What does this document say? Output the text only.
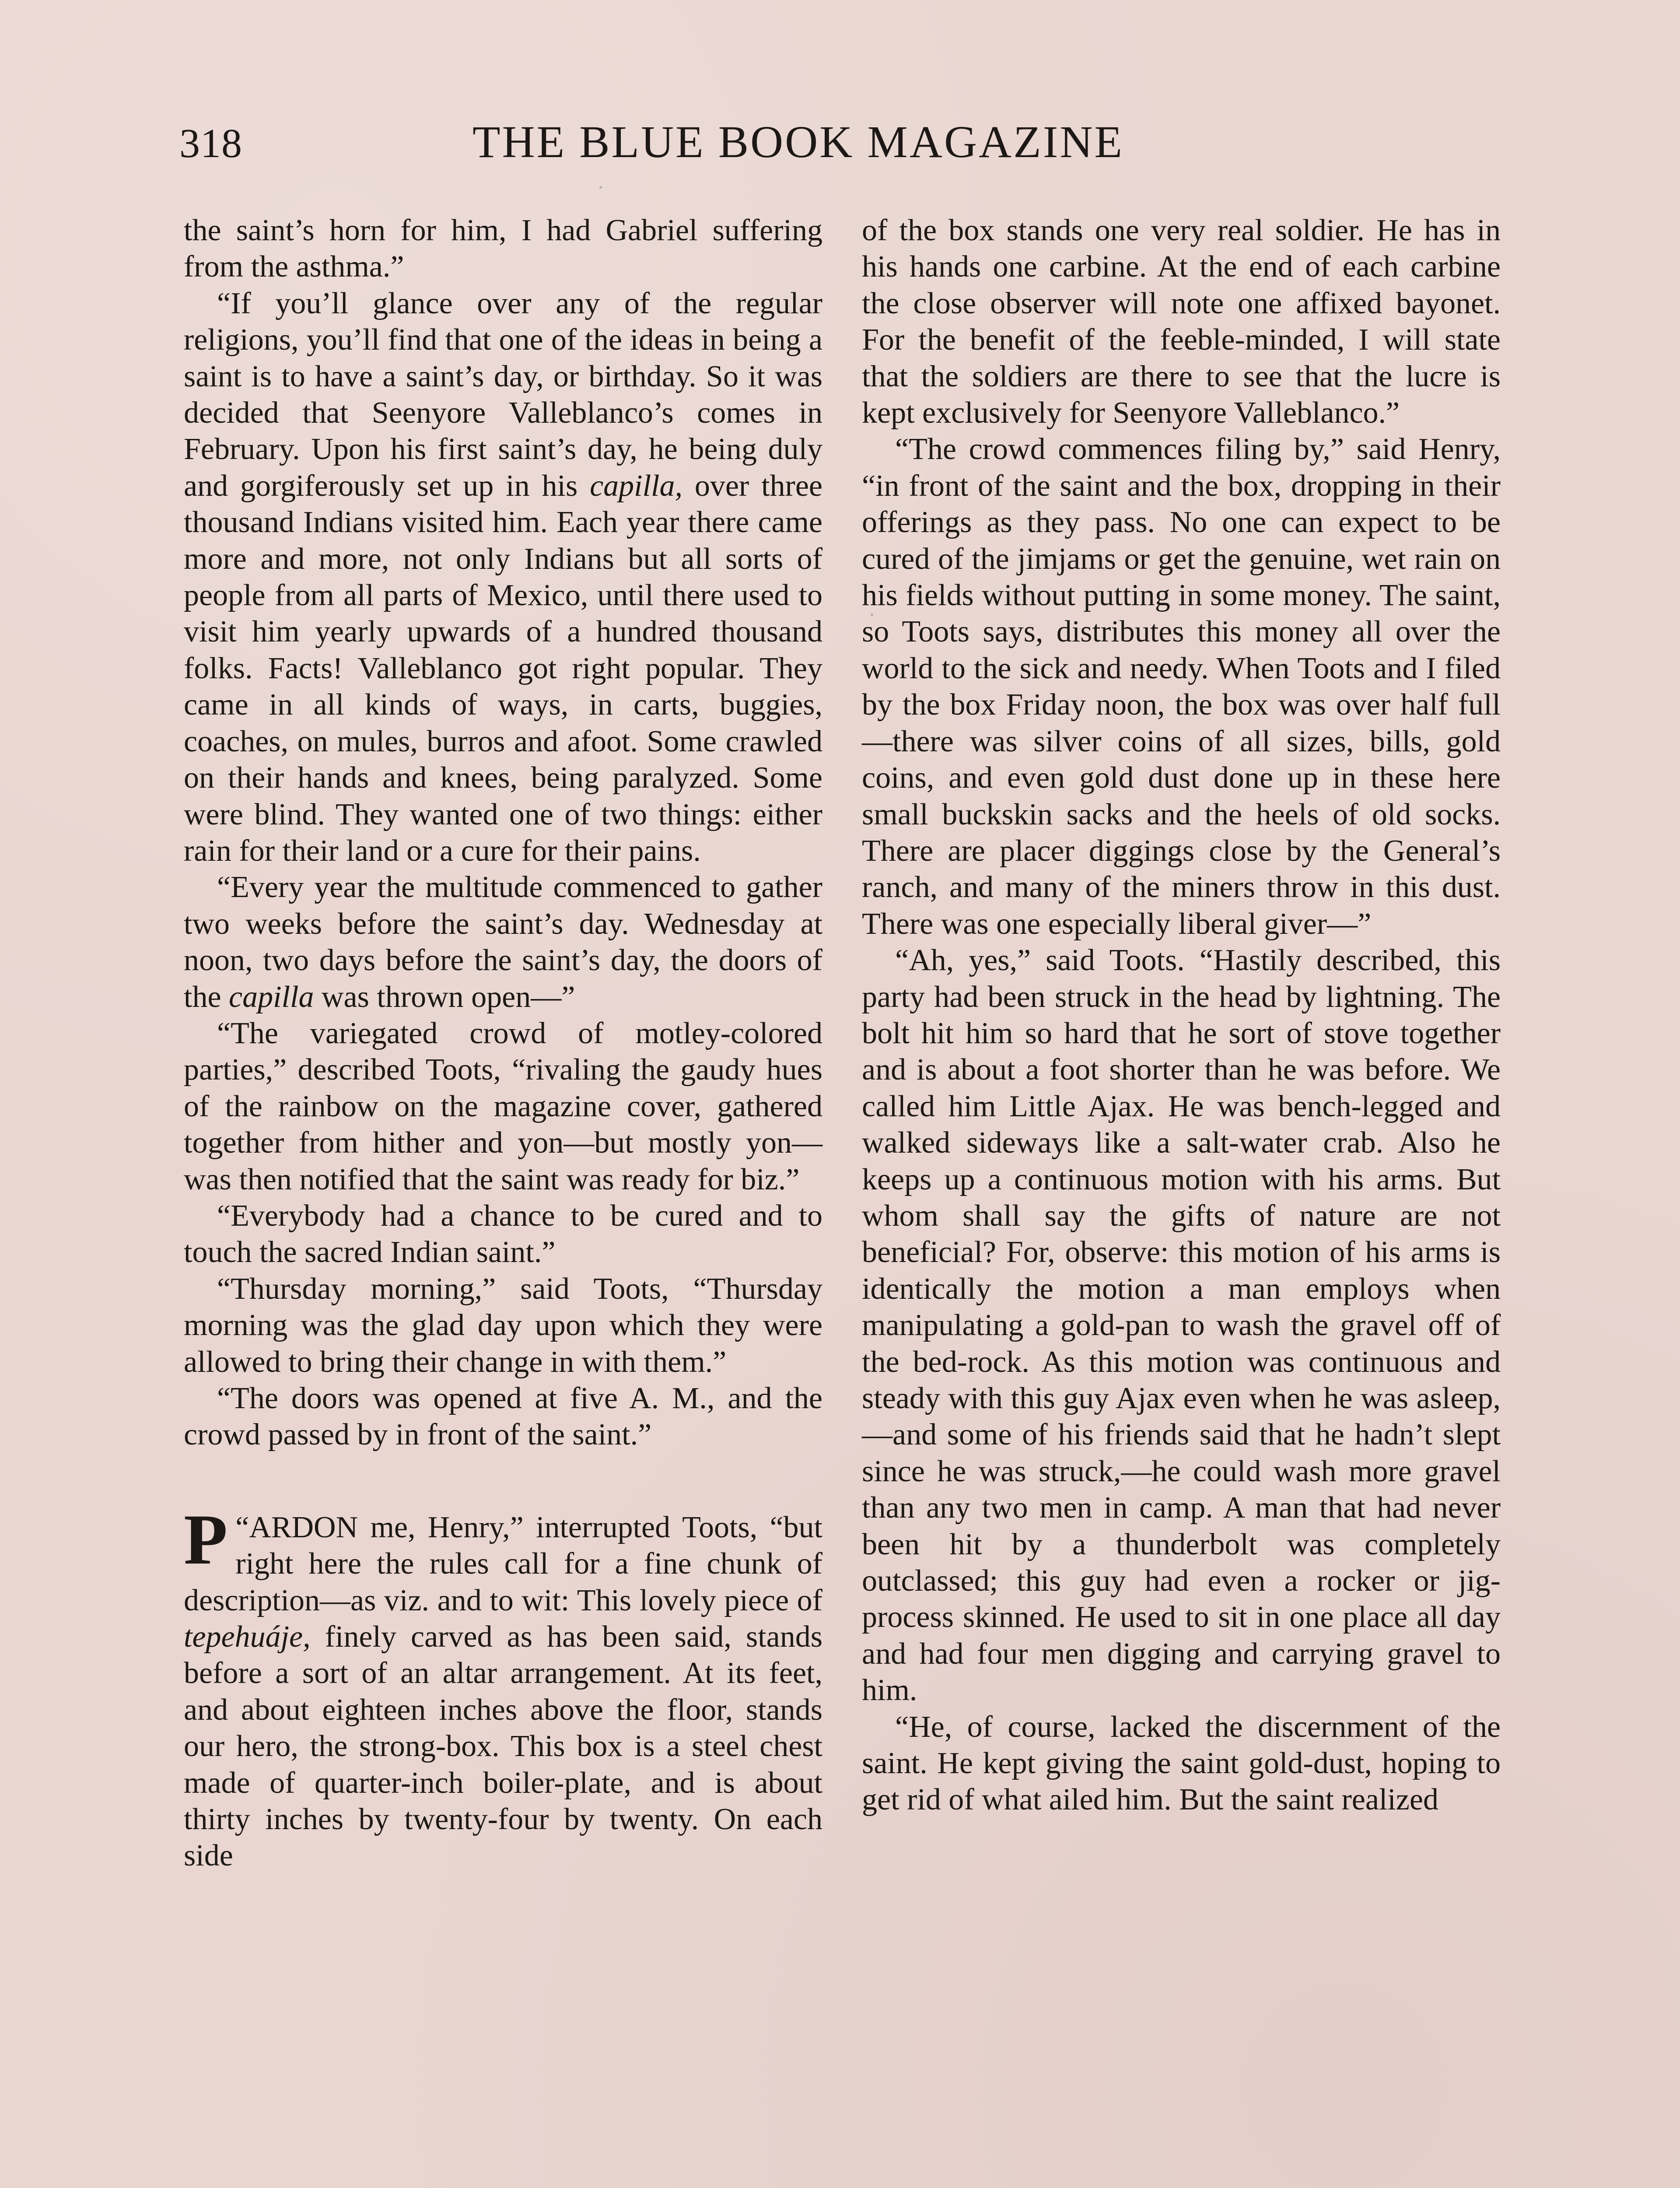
318	THE BLUE BOOK MAGAZINE

the saint’s horn for him, I had Gabriel suffering from the asthma.”

“If you’ll glance over any of the regular religions, you’ll find that one of the ideas in being a saint is to have a saint’s day, or birthday. So it was decided that Seenyore Valleblanco’s comes in February. Upon his first saint’s day, he being duly and gorgiferously set up in his capilla, over three thousand Indians visited him. Each year there came more and more, not only Indians but all sorts of people from all parts of Mexico, until there used to visit him yearly upwards of a hundred thousand folks. Facts! Valleblanco got right popular. They came in all kinds of ways, in carts, buggies, coaches, on mules, burros and afoot. Some crawled on their hands and knees, being paralyzed. Some were blind. They wanted one of two things: either rain for their land or a cure for their pains.

“Every year the multitude commenced to gather two weeks before the saint’s day. Wednesday at noon, two days before the saint’s day, the doors of the capilla was thrown open—”

“The variegated crowd of motley-colored parties,” described Toots, “rivaling the gaudy hues of the rainbow on the magazine cover, gathered together from hither and yon—but mostly yon—was then notified that the saint was ready for biz.”

“Everybody had a chance to be cured and to touch the sacred Indian saint.”

“Thursday morning,” said Toots, “Thursday morning was the glad day upon which they were allowed to bring their change in with them.”

“The doors was opened at five A. M., and the crowd passed by in front of the saint.”

“
P ARDON me, Henry,” interrupted Toots, “but right here the rules call for a fine chunk of description—as viz. and to wit: This lovely piece of tepehuáje, finely carved as has been said, stands before a sort of an altar arrangement. At its feet, and about eighteen inches above the floor, stands our hero, the strong-box. This box is a steel chest made of quarter-inch boiler-plate, and is about thirty inches by twenty-four by twenty. On each side

of the box stands one very real soldier. He has in his hands one carbine. At the end of each carbine the close observer will note one affixed bayonet. For the benefit of the feeble-minded, I will state that the soldiers are there to see that the lucre is kept exclusively for Seenyore Valleblanco.”

“The crowd commences filing by,” said Henry, “in front of the saint and the box, dropping in their offerings as they pass. No one can expect to be cured of the jimjams or get the genuine, wet rain on his fields without putting in some money. The saint, so Toots says, distributes this money all over the world to the sick and needy. When Toots and I filed by the box Friday noon, the box was over half full—there was silver coins of all sizes, bills, gold coins, and even gold dust done up in these here small buckskin sacks and the heels of old socks. There are placer diggings close by the General’s ranch, and many of the miners throw in this dust. There was one especially liberal giver—”

“Ah, yes,” said Toots. “Hastily described, this party had been struck in the head by lightning. The bolt hit him so hard that he sort of stove together and is about a foot shorter than he was before. We called him Little Ajax. He was bench-legged and walked sideways like a salt-water crab. Also he keeps up a continuous motion with his arms. But whom shall say the gifts of nature are not beneficial? For, observe: this motion of his arms is identically the motion a man employs when manipulating a gold-pan to wash the gravel off of the bed-rock. As this motion was continuous and steady with this guy Ajax even when he was asleep,—and some of his friends said that he hadn’t slept since he was struck,—he could wash more gravel than any two men in camp. A man that had never been hit by a thunderbolt was completely outclassed; this guy had even a rocker or jig-process skinned. He used to sit in one place all day and had four men digging and carrying gravel to him.

“He, of course, lacked the discernment of the saint. He kept giving the saint gold-dust, hoping to get rid of what ailed him. But the saint realized
